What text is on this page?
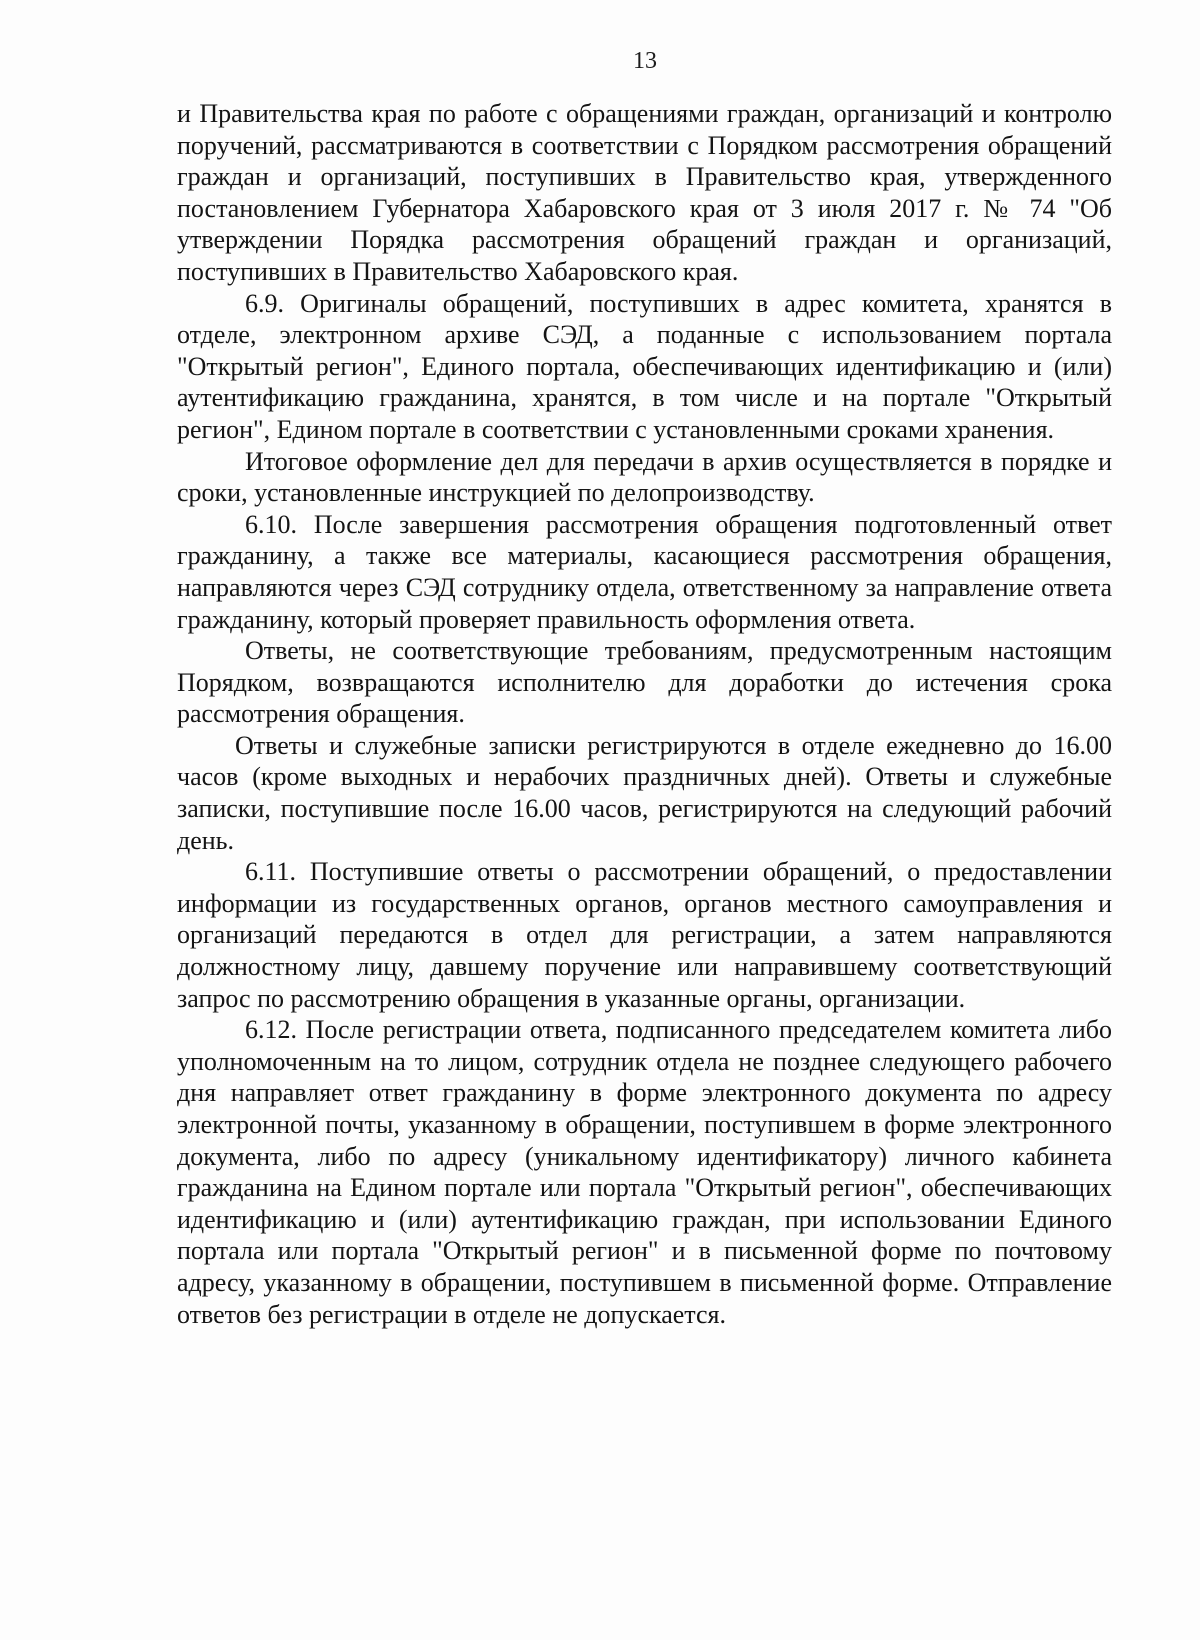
13

и Правительства края по работе с обращениями граждан, организаций и контролю поручений, рассматриваются в соответствии с Порядком рассмотрения обращений граждан и организаций, поступивших в Правительство края, утвержденного постановлением Губернатора Хабаровского края от 3 июля 2017 г. № 74 "Об утверждении Порядка рассмотрения обращений граждан и организаций, поступивших в Правительство Хабаровского края.

6.9. Оригиналы обращений, поступивших в адрес комитета, хранятся в отделе, электронном архиве СЭД, а поданные с использованием портала "Открытый регион", Единого портала, обеспечивающих идентификацию и (или) аутентификацию гражданина, хранятся, в том числе и на портале "Открытый регион", Едином портале в соответствии с установленными сроками хранения.

Итоговое оформление дел для передачи в архив осуществляется в порядке и сроки, установленные инструкцией по делопроизводству.

6.10. После завершения рассмотрения обращения подготовленный ответ гражданину, а также все материалы, касающиеся рассмотрения обращения, направляются через СЭД сотруднику отдела, ответственному за направление ответа гражданину, который проверяет правильность оформления ответа.

Ответы, не соответствующие требованиям, предусмотренным настоящим Порядком, возвращаются исполнителю для доработки до истечения срока рассмотрения обращения.

Ответы и служебные записки регистрируются в отделе ежедневно до 16.00 часов (кроме выходных и нерабочих праздничных дней). Ответы и служебные записки, поступившие после 16.00 часов, регистрируются на следующий рабочий день.

6.11. Поступившие ответы о рассмотрении обращений, о предоставлении информации из государственных органов, органов местного самоуправления и организаций передаются в отдел для регистрации, а затем направляются должностному лицу, давшему поручение или направившему соответствующий запрос по рассмотрению обращения в указанные органы, организации.

6.12. После регистрации ответа, подписанного председателем комитета либо уполномоченным на то лицом, сотрудник отдела не позднее следующего рабочего дня направляет ответ гражданину в форме электронного документа по адресу электронной почты, указанному в обращении, поступившем в форме электронного документа, либо по адресу (уникальному идентификатору) личного кабинета гражданина на Едином портале или портала "Открытый регион", обеспечивающих идентификацию и (или) аутентификацию граждан, при использовании Единого портала или портала "Открытый регион" и в письменной форме по почтовому адресу, указанному в обращении, поступившем в письменной форме. Отправление ответов без регистрации в отделе не допускается.
